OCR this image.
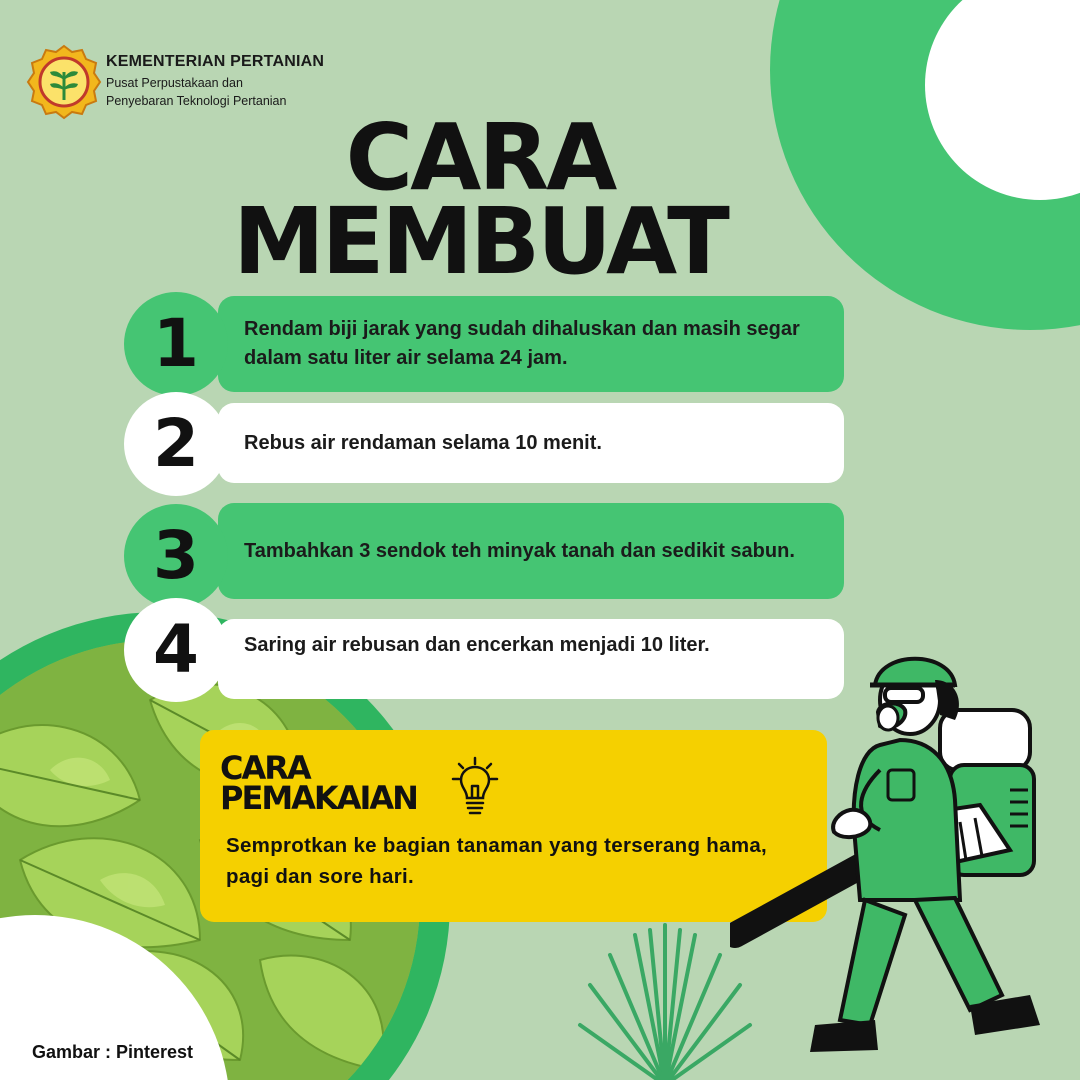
KEMENTERIAN PERTANIAN
Pusat Perpustakaan dan
Penyebaran Teknologi Pertanian
CARA
MEMBUAT
1	Rendam biji jarak yang sudah dihaluskan dan masih segar dalam satu liter air selama 24 jam.
2	Rebus air rendaman selama 10 menit.
3	Tambahkan 3 sendok teh minyak tanah dan sedikit sabun.
4	Saring air rebusan dan encerkan menjadi 10 liter.
Gambar : Pinterest
CARA
PEMAKAIAN
Semprotkan ke bagian tanaman yang terserang hama, pagi dan sore hari.
